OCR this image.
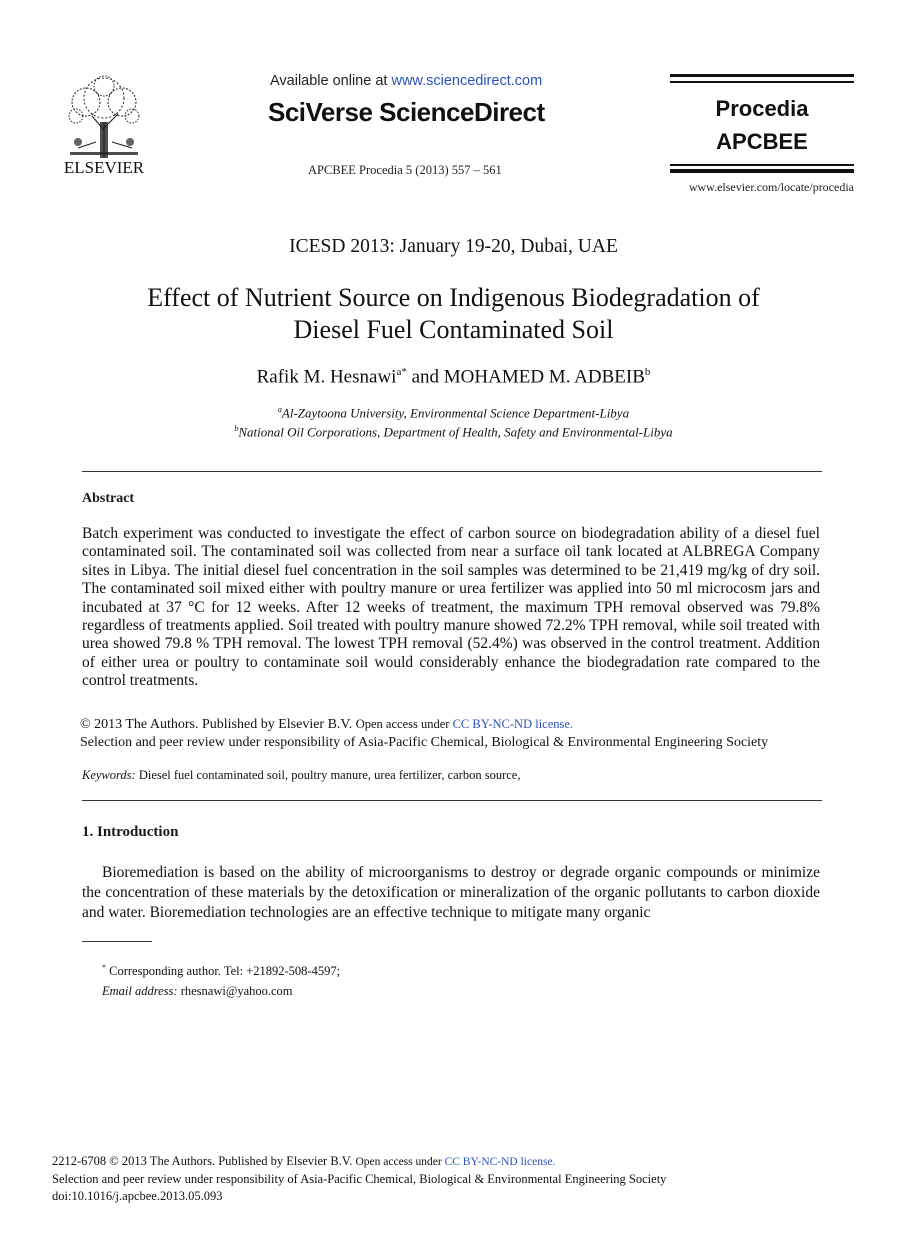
ELSEVIER
Available online at www.sciencedirect.com
SciVerse ScienceDirect
APCBEE Procedia 5 (2013) 557 – 561
Procedia
APCBEE
www.elsevier.com/locate/procedia
ICESD 2013: January 19-20, Dubai, UAE
Effect of Nutrient Source on Indigenous Biodegradation of
Diesel Fuel Contaminated Soil
Rafik M. Hesnawi$^{a*}$ and MOHAMED M. ADBEIB$^b$
$^a$Al-Zaytoona University, Environmental Science Department-Libya
$^b$National Oil Corporations, Department of Health, Safety and Environmental-Libya
Abstract
Batch experiment was conducted to investigate the effect of carbon source on biodegradation ability of a diesel fuel contaminated soil. The contaminated soil was collected from near a surface oil tank located at ALBREGA Company sites in Libya. The initial diesel fuel concentration in the soil samples was determined to be 21,419 mg/kg of dry soil. The contaminated soil mixed either with poultry manure or urea fertilizer was applied into 50 ml microcosm jars and incubated at 37 °C for 12 weeks. After 12 weeks of treatment, the maximum TPH removal observed was 79.8% regardless of treatments applied. Soil treated with poultry manure showed 72.2% TPH removal, while soil treated with urea showed 79.8 % TPH removal. The lowest TPH removal (52.4%) was observed in the control treatment. Addition of either urea or poultry to contaminate soil would considerably enhance the biodegradation rate compared to the control treatments.
© 2013 The Authors. Published by Elsevier B.V. Open access under CC BY-NC-ND license.
Selection and peer review under responsibility of Asia-Pacific Chemical, Biological & Environmental Engineering Society
Keywords: Diesel fuel contaminated soil, poultry manure, urea fertilizer, carbon source,
1. Introduction
Bioremediation is based on the ability of microorganisms to destroy or degrade organic compounds or minimize the concentration of these materials by the detoxification or mineralization of the organic pollutants to carbon dioxide and water. Bioremediation technologies are an effective technique to mitigate many organic
* Corresponding author. Tel: +21892-508-4597;
Email address: rhesnawi@yahoo.com
2212-6708 © 2013 The Authors. Published by Elsevier B.V. Open access under CC BY-NC-ND license.
Selection and peer review under responsibility of Asia-Pacific Chemical, Biological & Environmental Engineering Society
doi:10.1016/j.apcbee.2013.05.093
